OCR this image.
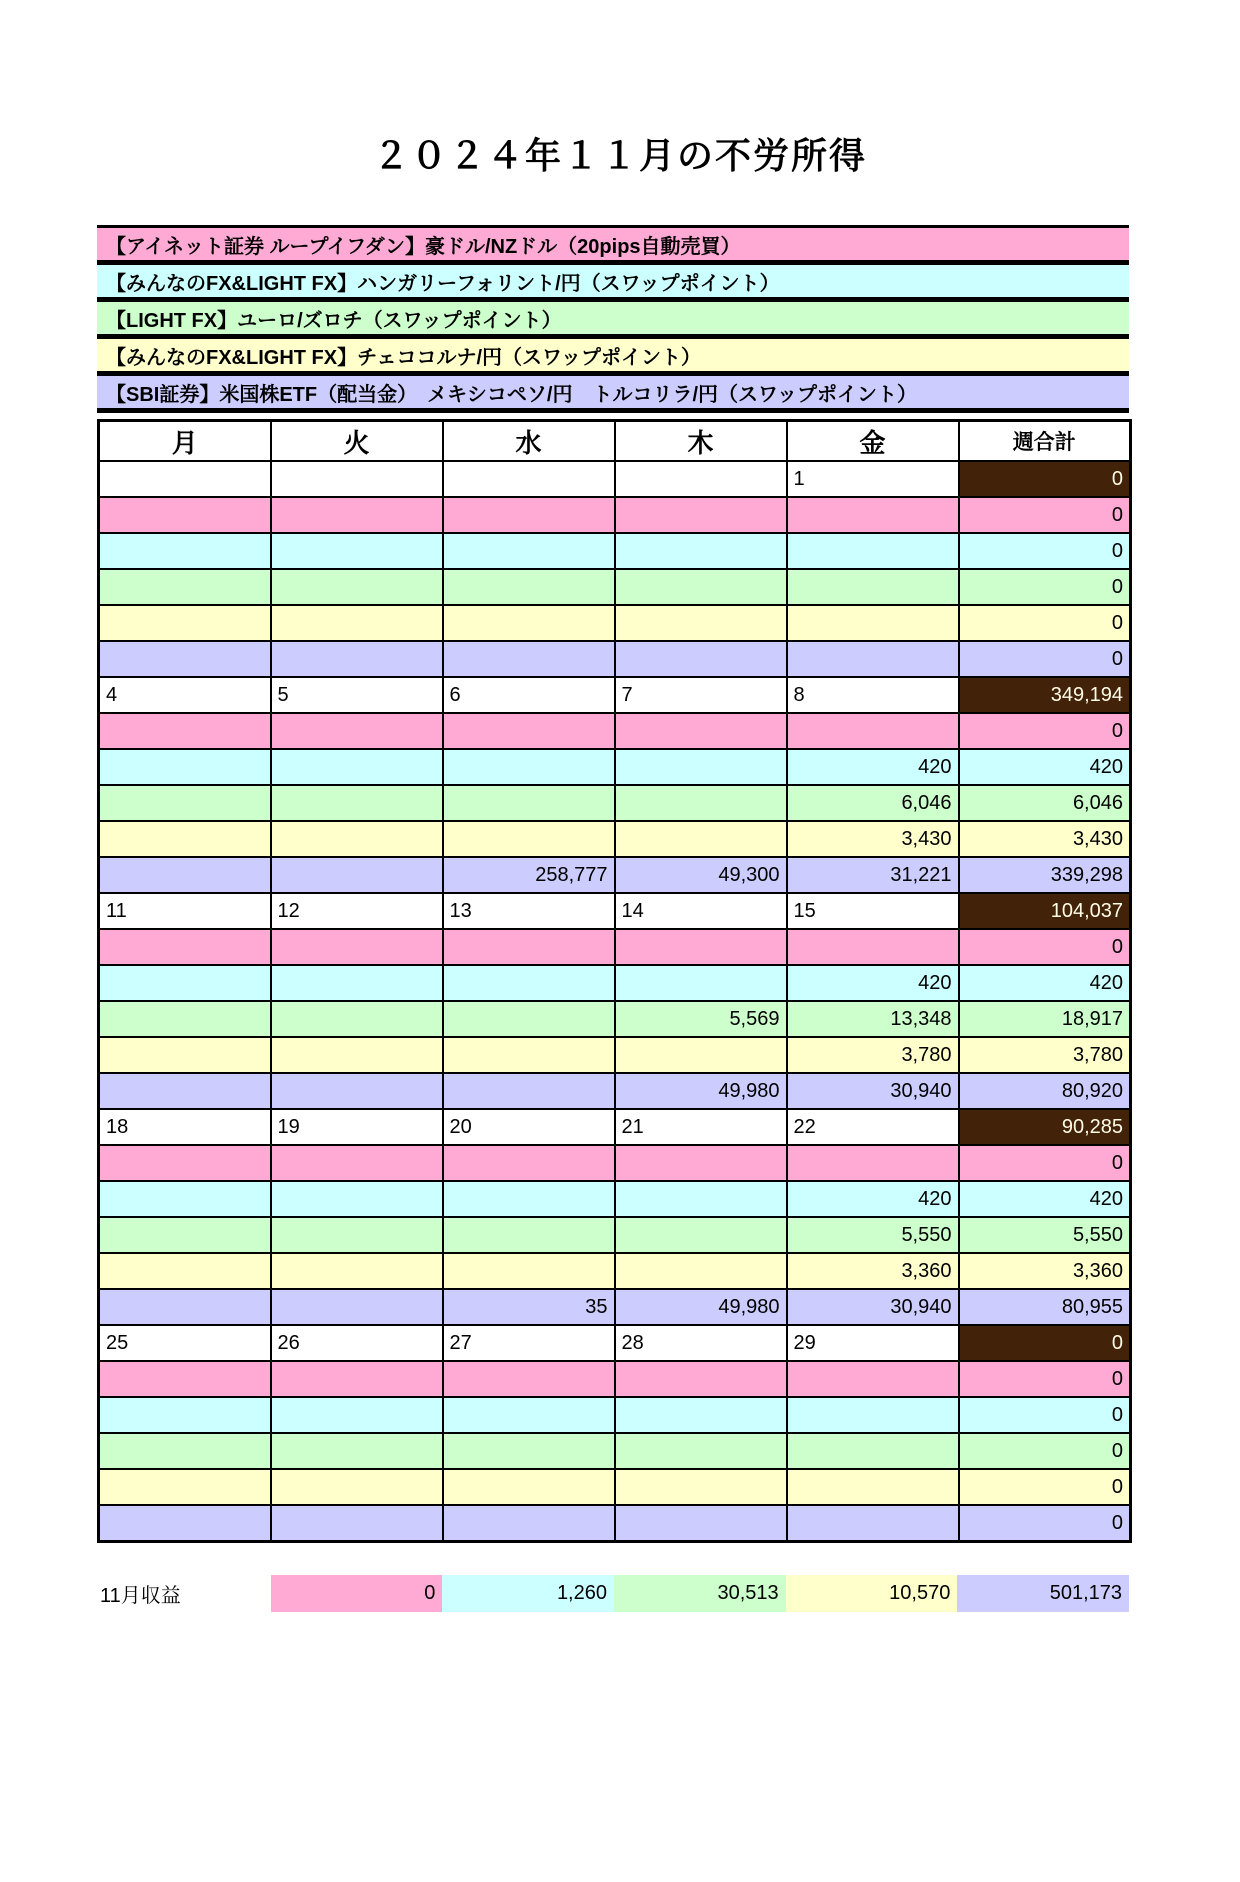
２０２４年１１月の不労所得
【アイネット証券 ループイフダン】豪ドル/NZドル（20pips自動売買）
【みんなのFX&LIGHT FX】ハンガリーフォリント/円（スワップポイント）
【LIGHT FX】ユーロ/ズロチ（スワップポイント）
【みんなのFX&LIGHT FX】チェココルナ/円（スワップポイント）
【SBI証券】米国株ETF（配当金）　メキシコペソ/円　トルコリラ/円（スワップポイント）
月	火	水	木	金	週合計
				1	0
					0
					0
					0
					0
					0
4	5	6	7	8	349,194
					0
				420	420
				6,046	6,046
				3,430	3,430
		258,777	49,300	31,221	339,298
11	12	13	14	15	104,037
					0
				420	420
			5,569	13,348	18,917
				3,780	3,780
			49,980	30,940	80,920
18	19	20	21	22	90,285
					0
				420	420
				5,550	5,550
				3,360	3,360
		35	49,980	30,940	80,955
25	26	27	28	29	0
					0
					0
					0
					0
					0
11月収益	0	1,260	30,513	10,570	501,173
